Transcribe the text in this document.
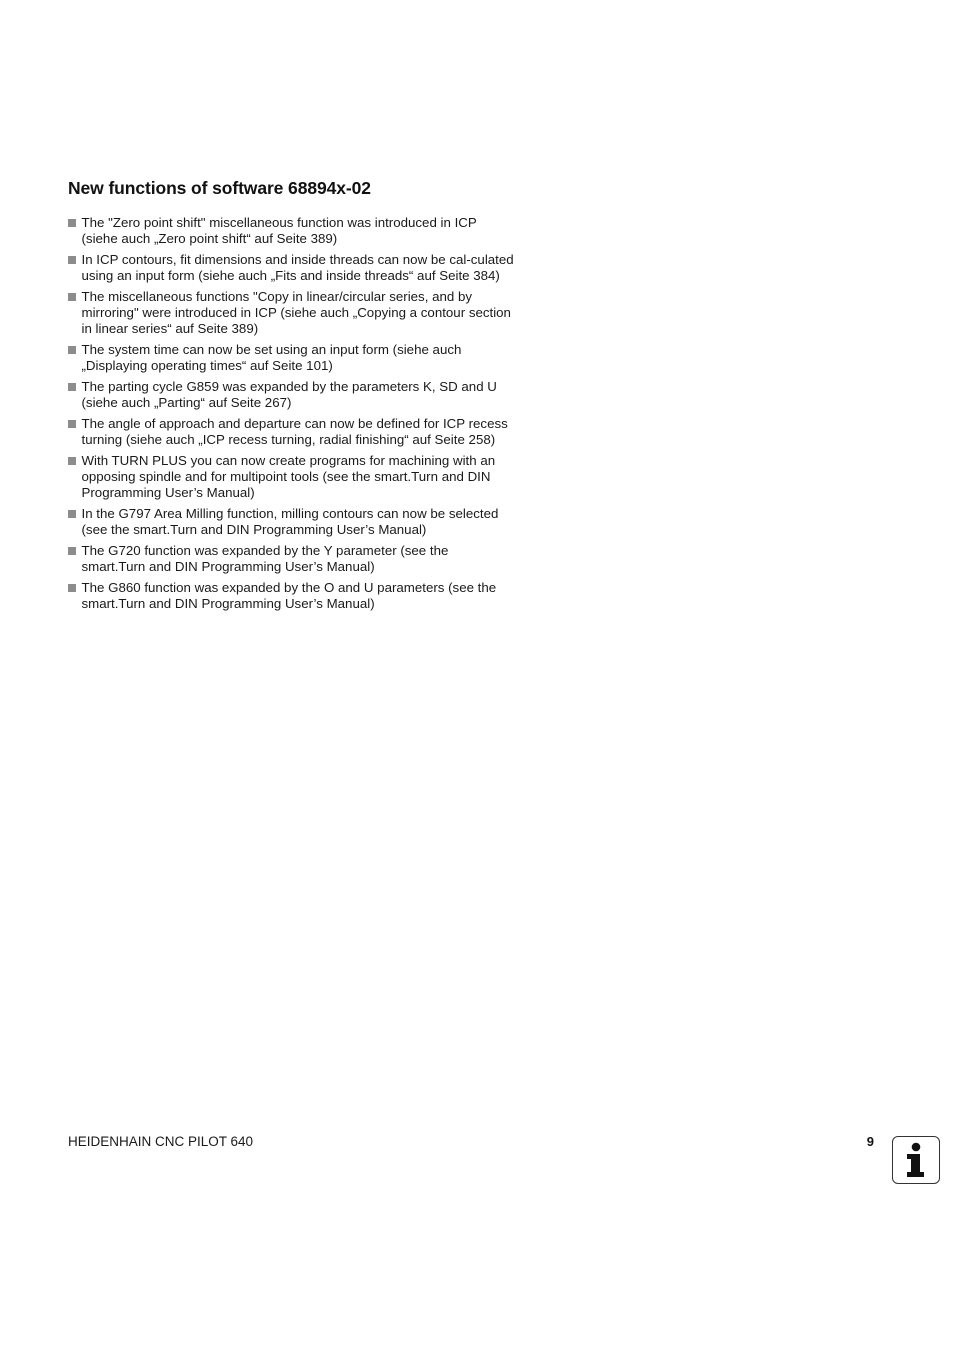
New functions of software 68894x-02
The "Zero point shift" miscellaneous function was introduced in ICP (siehe auch „Zero point shift“ auf Seite 389)
In ICP contours, fit dimensions and inside threads can now be cal-culated using an input form (siehe auch „Fits and inside threads“ auf Seite 384)
The miscellaneous functions "Copy in linear/circular series, and by mirroring" were introduced in ICP (siehe auch „Copying a contour section in linear series“ auf Seite 389)
The system time can now be set using an input form (siehe auch „Displaying operating times“ auf Seite 101)
The parting cycle G859 was expanded by the parameters K, SD and U (siehe auch „Parting“ auf Seite 267)
The angle of approach and departure can now be defined for ICP recess turning (siehe auch „ICP recess turning, radial finishing“ auf Seite 258)
With TURN PLUS you can now create programs for machining with an opposing spindle and for multipoint tools (see the smart.Turn and DIN Programming User’s Manual)
In the G797 Area Milling function, milling contours can now be selected (see the smart.Turn and DIN Programming User’s Manual)
The G720 function was expanded by the Y parameter (see the smart.Turn and DIN Programming User’s Manual)
The G860 function was expanded by the O and U parameters (see the smart.Turn and DIN Programming User’s Manual)
HEIDENHAIN CNC PILOT 640	9
